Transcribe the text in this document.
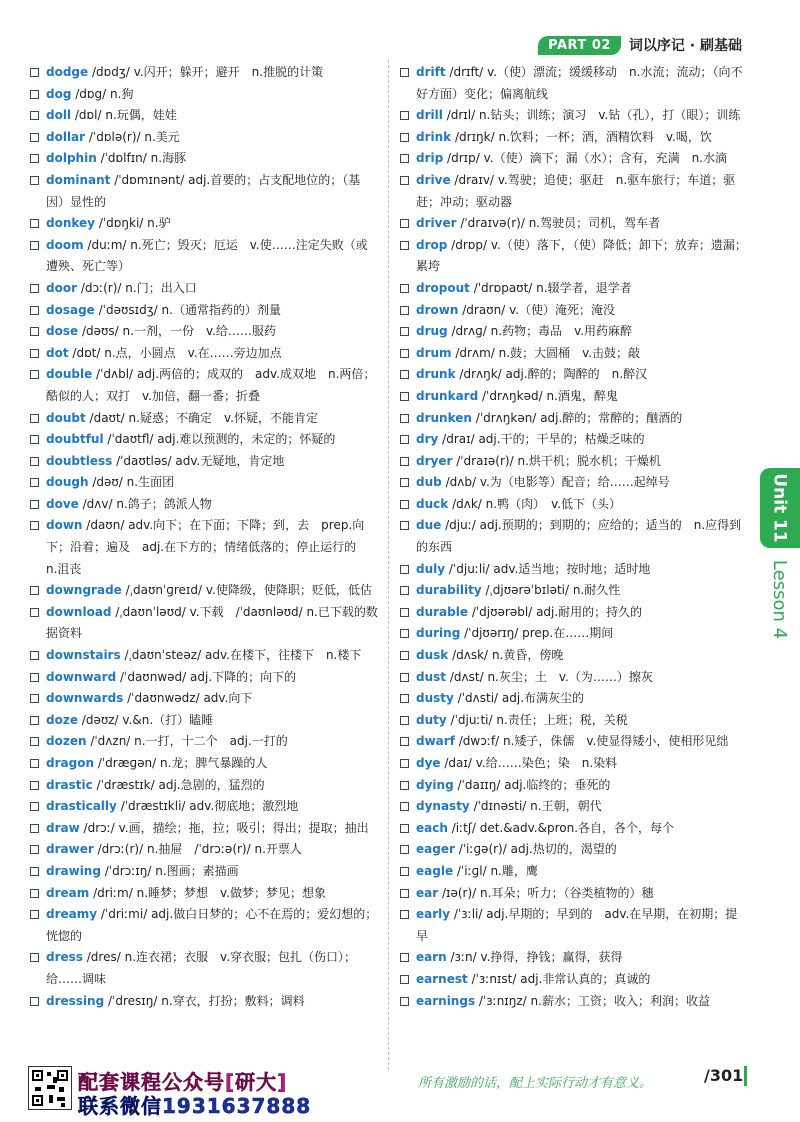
PART 02	词以序记 · 刷基础
dodge /dɒdʒ/ v.闪开；躲开；避开　n.推脱的计策
dog /dɒg/ n.狗
doll /dɒl/ n.玩偶，娃娃
dollar /ˈdɒlə(r)/ n.美元
dolphin /ˈdɒlfɪn/ n.海豚
dominant /ˈdɒmɪnənt/ adj.首要的；占支配地位的；（基因）显性的
donkey /ˈdɒŋki/ n.驴
doom /duːm/ n.死亡；毁灭；厄运　v.使……注定失败（或遭殃、死亡等）
door /dɔː(r)/ n.门；出入口
dosage /ˈdəʊsɪdʒ/ n.（通常指药的）剂量
dose /dəʊs/ n.一剂，一份　v.给……服药
dot /dɒt/ n.点，小圆点　v.在……旁边加点
double /ˈdʌbl/ adj.两倍的；成双的　adv.成双地　n.两倍；酷似的人；双打　v.加倍，翻一番；折叠
doubt /daʊt/ n.疑惑；不确定　v.怀疑，不能肯定
doubtful /ˈdaʊtfl/ adj.难以预测的，未定的；怀疑的
doubtless /ˈdaʊtləs/ adv.无疑地，肯定地
dough /dəʊ/ n.生面团
dove /dʌv/ n.鸽子；鸽派人物
down /daʊn/ adv.向下；在下面；下降；到，去　prep.向下；沿着；遍及　adj.在下方的；情绪低落的；停止运行的　n.沮丧
downgrade /ˌdaʊnˈɡreɪd/ v.使降级，使降职；贬低，低估
download /ˌdaʊnˈləʊd/ v.下载　/ˈdaʊnləʊd/ n.已下载的数据资料
downstairs /ˌdaʊnˈsteəz/ adv.在楼下，往楼下　n.楼下
downward /ˈdaʊnwəd/ adj.下降的；向下的
downwards /ˈdaʊnwədz/ adv.向下
doze /dəʊz/ v.&n.（打）瞌睡
dozen /ˈdʌzn/ n.一打，十二个　adj.一打的
dragon /ˈdræɡən/ n.龙；脾气暴躁的人
drastic /ˈdræstɪk/ adj.急剧的，猛烈的
drastically /ˈdræstɪkli/ adv.彻底地；激烈地
draw /drɔː/ v.画，描绘；拖，拉；吸引；得出；提取；抽出
drawer /drɔː(r)/ n.抽屉　/ˈdrɔːə(r)/ n.开票人
drawing /ˈdrɔːɪŋ/ n.图画；素描画
dream /driːm/ n.睡梦；梦想　v.做梦；梦见；想象
dreamy /ˈdriːmi/ adj.做白日梦的；心不在焉的；爱幻想的；恍惚的
dress /dres/ n.连衣裙；衣服　v.穿衣服；包扎（伤口）；给……调味
dressing /ˈdresɪŋ/ n.穿衣，打扮；敷料；调料
drift /drɪft/ v.（使）漂流；缓缓移动　n.水流；流动；（向不好方面）变化；偏离航线
drill /drɪl/ n.钻头；训练；演习　v.钻（孔），打（眼）；训练
drink /drɪŋk/ n.饮料；一杯；酒，酒精饮料　v.喝，饮
drip /drɪp/ v.（使）滴下；漏（水）；含有，充满　n.水滴
drive /draɪv/ v.驾驶；追使；驱赶　n.驱车旅行；车道；驱赶；冲动；驱动器
driver /ˈdraɪvə(r)/ n.驾驶员；司机，驾车者
drop /drɒp/ v.（使）落下，（使）降低；卸下；放弃；遗漏；累垮
dropout /ˈdrɒpaʊt/ n.辍学者，退学者
drown /draʊn/ v.（使）淹死；淹没
drug /drʌɡ/ n.药物；毒品　v.用药麻醉
drum /drʌm/ n.鼓；大圆桶　v.击鼓；敲
drunk /drʌŋk/ adj.醉的；陶醉的　n.醉汉
drunkard /ˈdrʌŋkəd/ n.酒鬼，醉鬼
drunken /ˈdrʌŋkən/ adj.醉的；常醉的；酗酒的
dry /draɪ/ adj.干的；干旱的；枯燥乏味的
dryer /ˈdraɪə(r)/ n.烘干机；脱水机；干燥机
dub /dʌb/ v.为（电影等）配音；给……起绰号
duck /dʌk/ n.鸭（肉）　v.低下（头）
due /djuː/ adj.预期的；到期的；应给的；适当的　n.应得到的东西
duly /ˈdjuːli/ adv.适当地；按时地；适时地
durability /ˌdjʊərəˈbɪləti/ n.耐久性
durable /ˈdjʊərəbl/ adj.耐用的；持久的
during /ˈdjʊərɪŋ/ prep.在……期间
dusk /dʌsk/ n.黄昏，傍晚
dust /dʌst/ n.灰尘；土　v.（为……）擦灰
dusty /ˈdʌsti/ adj.布满灰尘的
duty /ˈdjuːti/ n.责任；上班；税，关税
dwarf /dwɔːf/ n.矮子，侏儒　v.使显得矮小，使相形见绌
dye /daɪ/ v.给……染色；染　n.染料
dying /ˈdaɪɪŋ/ adj.临终的；垂死的
dynasty /ˈdɪnəsti/ n.王朝，朝代
each /iːtʃ/ det.&adv.&pron.各自，各个，每个
eager /ˈiːɡə(r)/ adj.热切的，渴望的
eagle /ˈiːɡl/ n.雕，鹰
ear /ɪə(r)/ n.耳朵；听力；（谷类植物的）穗
early /ˈɜːli/ adj.早期的；早到的　adv.在早期，在初期；提早
earn /ɜːn/ v.挣得，挣钱；赢得，获得
earnest /ˈɜːnɪst/ adj.非常认真的；真诚的
earnings /ˈɜːnɪŋz/ n.薪水；工资；收入；利润；收益
Unit 11
Lesson 4
配套课程公众号[研大]
联系微信1931637888
所有激励的话，配上实际行动才有意义。	/301
